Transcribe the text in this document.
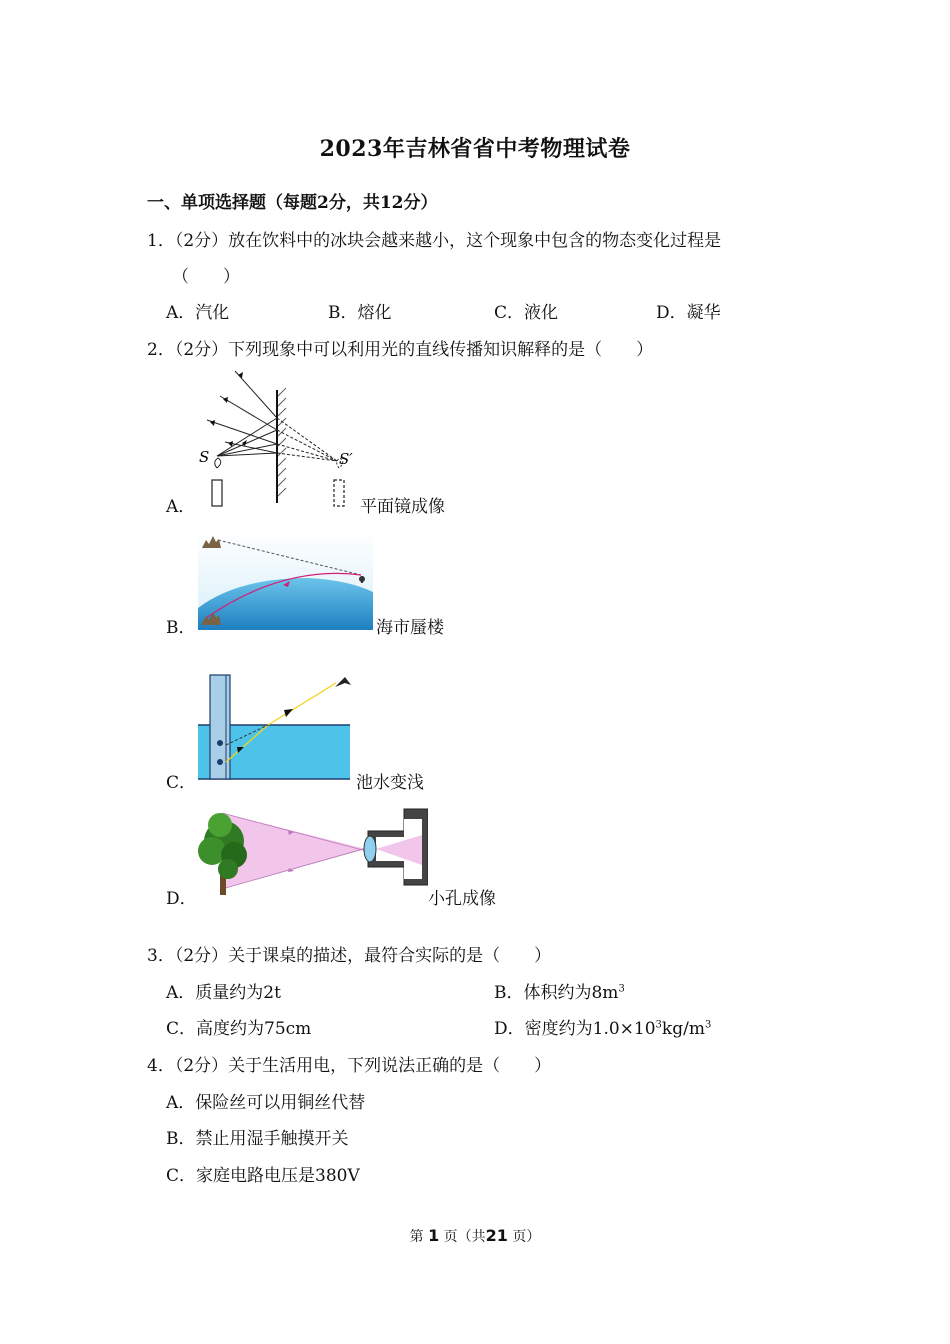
2023年吉林省省中考物理试卷
一、单项选择题（每题2分，共12分）
1．（2分）放在饮料中的冰块会越来越小，这个现象中包含的物态变化过程是
（　　）
A．汽化	B．熔化	C．液化	D．凝华
2．（2分）下列现象中可以利用光的直线传播知识解释的是（　　）
A．
S	S′
平面镜成像
B．	海市蜃楼
C．	池水变浅
D．	小孔成像
3．（2分）关于课桌的描述，最符合实际的是（　　）
A．质量约为2t	B．体积约为$8m^3$
C．高度约为75cm	D．密度约为$1.0\times 10^3kg/m^3$
4．（2分）关于生活用电，下列说法正确的是（　　）
A．保险丝可以用铜丝代替
B．禁止用湿手触摸开关
C．家庭电路电压是380V
第 1 页（共21 页）
